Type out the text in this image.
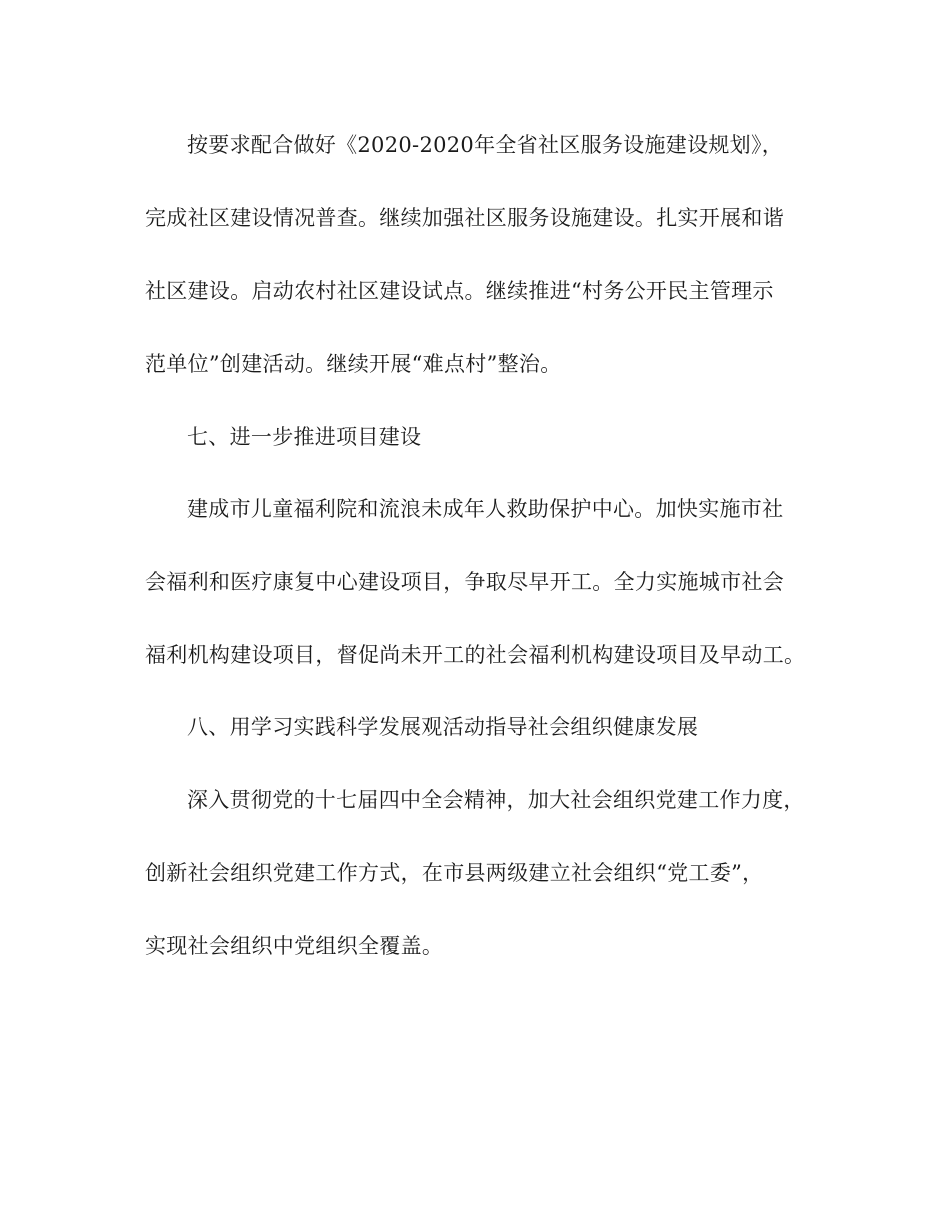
按要求配合做好《2020-2020年全省社区服务设施建设规划》，
完成社区建设情况普查。继续加强社区服务设施建设。扎实开展和谐
社区建设。启动农村社区建设试点。继续推进“村务公开民主管理示
范单位”创建活动。继续开展“难点村”整治。
七、进一步推进项目建设
建成市儿童福利院和流浪未成年人救助保护中心。加快实施市社
会福利和医疗康复中心建设项目，争取尽早开工。全力实施城市社会
福利机构建设项目，督促尚未开工的社会福利机构建设项目及早动工。
八、用学习实践科学发展观活动指导社会组织健康发展
深入贯彻党的十七届四中全会精神，加大社会组织党建工作力度，
创新社会组织党建工作方式，在市县两级建立社会组织“党工委”，
实现社会组织中党组织全覆盖。
